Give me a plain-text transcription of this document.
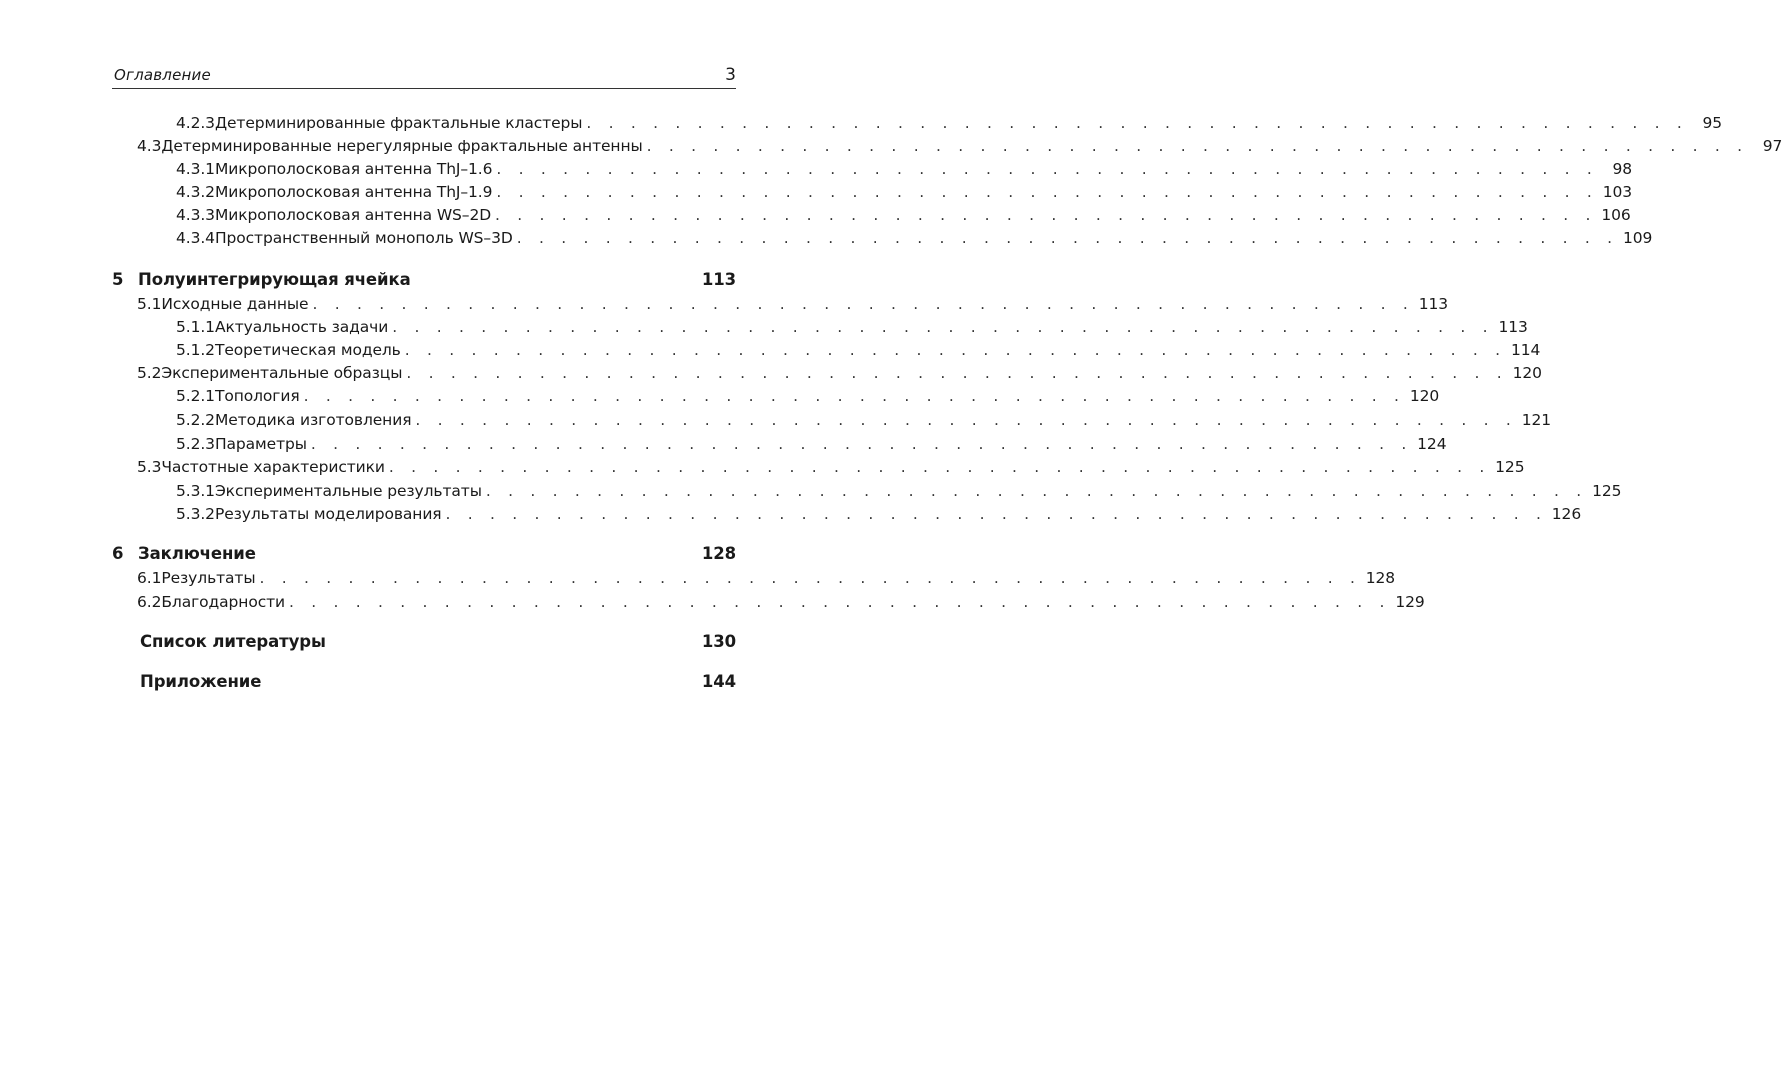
Оглавление	3
4.2.3 Детерминированные фрактальные кластеры . . . . . . . . . . . . . . . . . . . . . . . . . . . . . . . . . . . . . . . . . . . . . . . . . . 95
4.3 Детерминированные нерегулярные фрактальные антенны . . . . . . . . . . . . . . . . . . . . . . . . . . . . . . . . . . . . . . . . . . . . . . . . . . 97
4.3.1 Микрополосковая антенна ThJ–1.6 . . . . . . . . . . . . . . . . . . . . . . . . . . . . . . . . . . . . . . . . . . . . . . . . . . 98
4.3.2 Микрополосковая антенна ThJ–1.9 . . . . . . . . . . . . . . . . . . . . . . . . . . . . . . . . . . . . . . . . . . . . . . . . . . 103
4.3.3 Микрополосковая антенна WS–2D . . . . . . . . . . . . . . . . . . . . . . . . . . . . . . . . . . . . . . . . . . . . . . . . . . 106
4.3.4 Пространственный монополь WS–3D . . . . . . . . . . . . . . . . . . . . . . . . . . . . . . . . . . . . . . . . . . . . . . . . . . 109
5 Полуинтегрирующая ячейка	113
5.1 Исходные данные . . . . . . . . . . . . . . . . . . . . . . . . . . . . . . . . . . . . . . . . . . . . . . . . . . 113
5.1.1 Актуальность задачи . . . . . . . . . . . . . . . . . . . . . . . . . . . . . . . . . . . . . . . . . . . . . . . . . . 113
5.1.2 Теоретическая модель . . . . . . . . . . . . . . . . . . . . . . . . . . . . . . . . . . . . . . . . . . . . . . . . . . 114
5.2 Экспериментальные образцы . . . . . . . . . . . . . . . . . . . . . . . . . . . . . . . . . . . . . . . . . . . . . . . . . . 120
5.2.1 Топология . . . . . . . . . . . . . . . . . . . . . . . . . . . . . . . . . . . . . . . . . . . . . . . . . . 120
5.2.2 Методика изготовления . . . . . . . . . . . . . . . . . . . . . . . . . . . . . . . . . . . . . . . . . . . . . . . . . . 121
5.2.3 Параметры . . . . . . . . . . . . . . . . . . . . . . . . . . . . . . . . . . . . . . . . . . . . . . . . . . 124
5.3 Частотные характеристики . . . . . . . . . . . . . . . . . . . . . . . . . . . . . . . . . . . . . . . . . . . . . . . . . . 125
5.3.1 Экспериментальные результаты . . . . . . . . . . . . . . . . . . . . . . . . . . . . . . . . . . . . . . . . . . . . . . . . . . 125
5.3.2 Результаты моделирования . . . . . . . . . . . . . . . . . . . . . . . . . . . . . . . . . . . . . . . . . . . . . . . . . . 126
6 Заключение	128
6.1 Результаты . . . . . . . . . . . . . . . . . . . . . . . . . . . . . . . . . . . . . . . . . . . . . . . . . . 128
6.2 Благодарности . . . . . . . . . . . . . . . . . . . . . . . . . . . . . . . . . . . . . . . . . . . . . . . . . . 129
Список литературы	130
Приложение	144
